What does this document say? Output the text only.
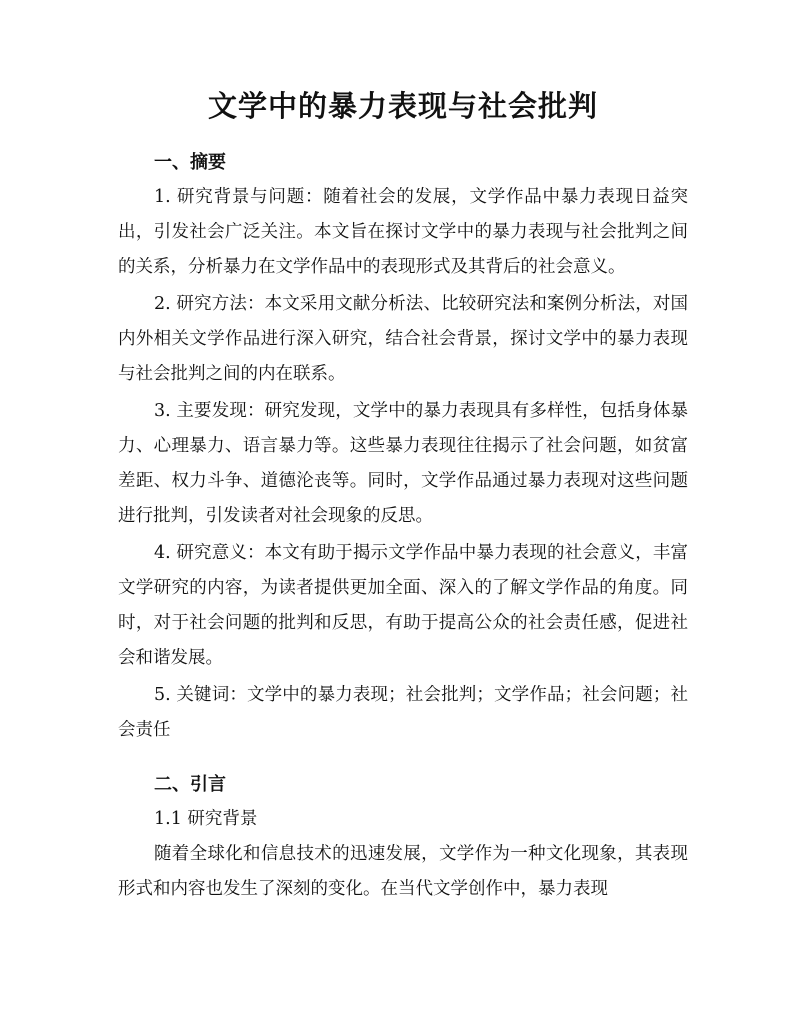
文学中的暴力表现与社会批判
一、摘要

1. 研究背景与问题：随着社会的发展，文学作品中暴力表现日益突出，引发社会广泛关注。本文旨在探讨文学中的暴力表现与社会批判之间的关系，分析暴力在文学作品中的表现形式及其背后的社会意义。

2. 研究方法：本文采用文献分析法、比较研究法和案例分析法，对国内外相关文学作品进行深入研究，结合社会背景，探讨文学中的暴力表现与社会批判之间的内在联系。

3. 主要发现：研究发现，文学中的暴力表现具有多样性，包括身体暴力、心理暴力、语言暴力等。这些暴力表现往往揭示了社会问题，如贫富差距、权力斗争、道德沦丧等。同时，文学作品通过暴力表现对这些问题进行批判，引发读者对社会现象的反思。

4. 研究意义：本文有助于揭示文学作品中暴力表现的社会意义，丰富文学研究的内容，为读者提供更加全面、深入的了解文学作品的角度。同时，对于社会问题的批判和反思，有助于提高公众的社会责任感，促进社会和谐发展。

5. 关键词：文学中的暴力表现；社会批判；文学作品；社会问题；社会责任

二、引言
1.1 研究背景

随着全球化和信息技术的迅速发展，文学作为一种文化现象，其表现形式和内容也发生了深刻的变化。在当代文学创作中，暴力表现
